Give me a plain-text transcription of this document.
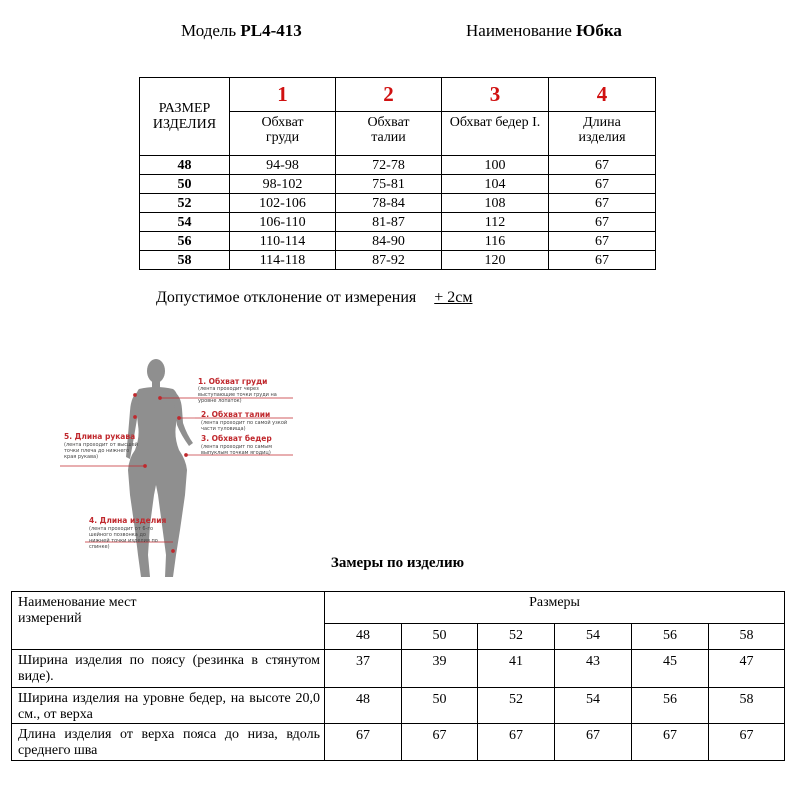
Модель PL4-413	Наименование Юбка
РАЗМЕР ИЗДЕЛИЯ	1	2	3	4
	Обхват груди	Обхват талии	Обхват бедер I.	Длина изделия
48	94-98	72-78	100	67
50	98-102	75-81	104	67
52	102-106	78-84	108	67
54	106-110	81-87	112	67
56	110-114	84-90	116	67
58	114-118	87-92	120	67
Допустимое отклонение от измерения + 2см
1. Обхват груди
(лента проходит через выступающие точки груди на уровне лопаток)
2. Обхват талии
(лента проходит по самой узкой части туловища)
3. Обхват бедер
(лента проходит по самым выпуклым точкам ягодиц)
5. Длина рукава
(лента проходит от высшей точки плеча до нижнего края рукава)
4. Длина изделия
(лента проходит от 6-го шейного позвонка до нижней точки изделия по спинке)
Замеры по изделию
Наименование мест измерений	Размеры					
	48	50	52	54	56	58
Ширина изделия по поясу (резинка в стянутом виде).	37	39	41	43	45	47
Ширина изделия на уровне бедер, на высоте 20,0 см., от верха	48	50	52	54	56	58
Длина изделия от верха пояса до низа, вдоль среднего шва	67	67	67	67	67	67
